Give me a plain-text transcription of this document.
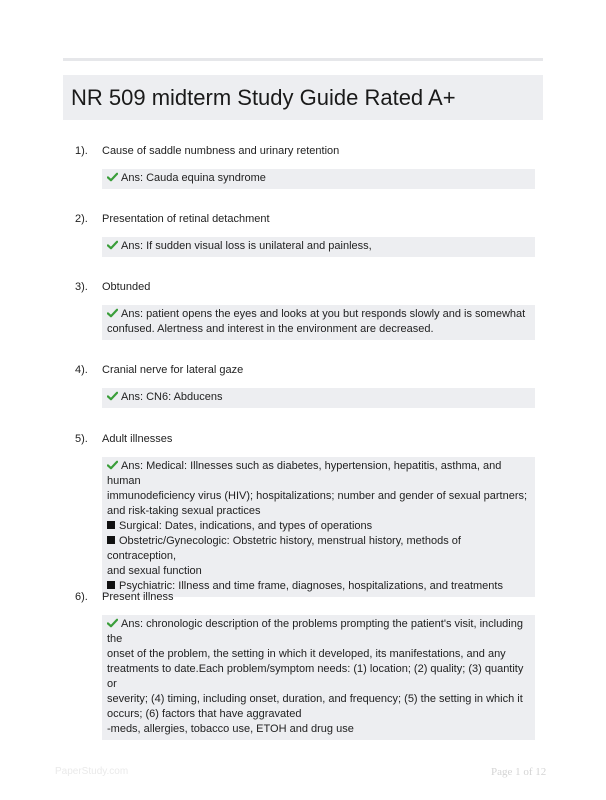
NR 509 midterm Study Guide Rated A+
1). Cause of saddle numbness and urinary retention
Ans: Cauda equina syndrome
2). Presentation of retinal detachment
Ans: If sudden visual loss is unilateral and painless,
3). Obtunded
Ans: patient opens the eyes and looks at you but responds slowly and is somewhat
confused. Alertness and interest in the environment are decreased.
4). Cranial nerve for lateral gaze
Ans: CN6: Abducens
5). Adult illnesses
Ans: Medical: Illnesses such as diabetes, hypertension, hepatitis, asthma, and human
immunodeficiency virus (HIV); hospitalizations; number and gender of sexual partners;
and risk-taking sexual practices
Surgical: Dates, indications, and types of operations
Obstetric/Gynecologic: Obstetric history, menstrual history, methods of contraception,
and sexual function
Psychiatric: Illness and time frame, diagnoses, hospitalizations, and treatments
6). Present illness
Ans: chronologic description of the problems prompting the patient's visit, including the
onset of the problem, the setting in which it developed, its manifestations, and any
treatments to date.Each problem/symptom needs: (1) location; (2) quality; (3) quantity or
severity; (4) timing, including onset, duration, and frequency; (5) the setting in which it
occurs; (6) factors that have aggravated
-meds, allergies, tobacco use, ETOH and drug use
PaperStudy.com	Page 1 of 12
